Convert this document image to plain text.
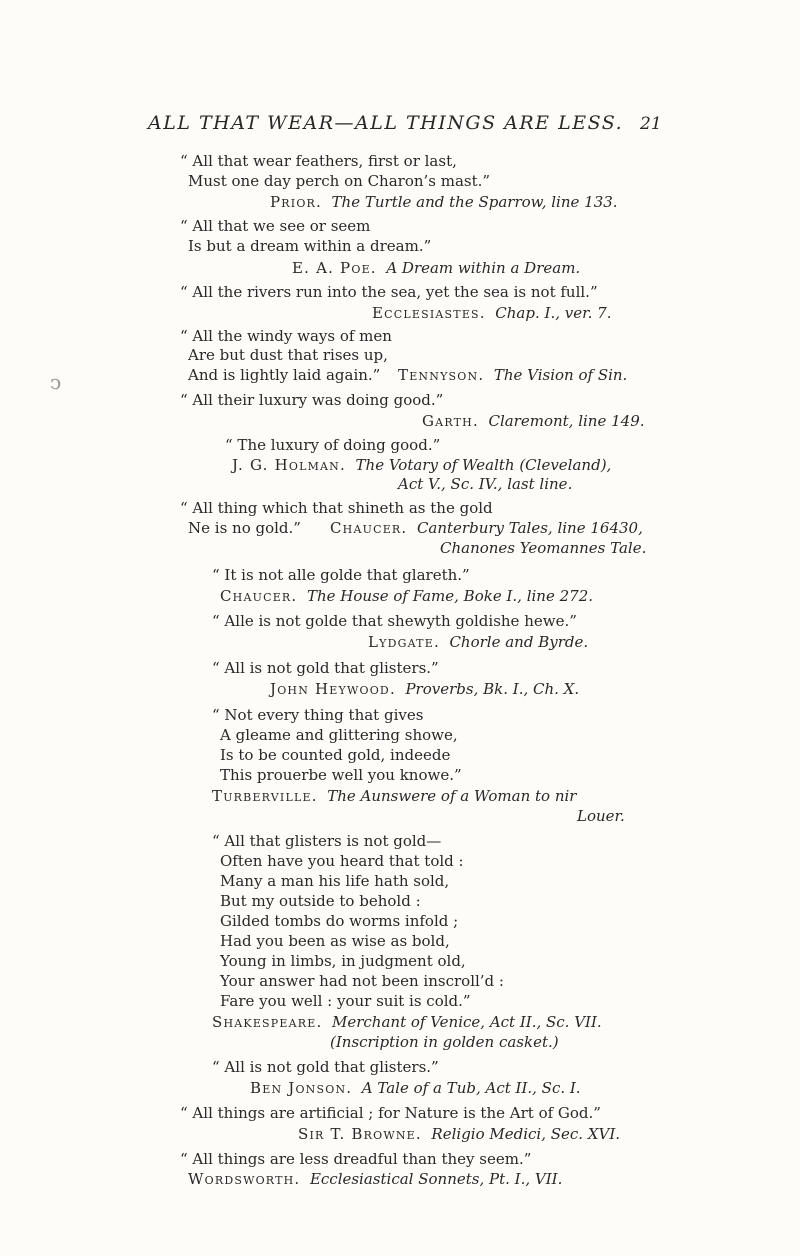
ALL THAT WEAR—ALL THINGS ARE LESS. 21
ↄ
“ All that wear feathers, first or last,
Must one day perch on Charon’s mast.”
Prior. The Turtle and the Sparrow, line 133.
“ All that we see or seem
Is but a dream within a dream.”
E. A. Poe. A Dream within a Dream.
“ All the rivers run into the sea, yet the sea is not full.”
Ecclesiastes. Chap. I., ver. 7.
“ All the windy ways of men
Are but dust that rises up,
And is lightly laid again.” Tennyson. The Vision of Sin.
“ All their luxury was doing good.”
Garth. Claremont, line 149.
“ The luxury of doing good.”
J. G. Holman. The Votary of Wealth (Cleveland),
Act V., Sc. IV., last line.
“ All thing which that shineth as the gold
Ne is no gold.” Chaucer. Canterbury Tales, line 16430,
Chanones Yeomannes Tale.
“ It is not alle golde that glareth.”
Chaucer. The House of Fame, Boke I., line 272.
“ Alle is not golde that shewyth goldishe hewe.”
Lydgate. Chorle and Byrde.
“ All is not gold that glisters.”
John Heywood. Proverbs, Bk. I., Ch. X.
“ Not every thing that gives
A gleame and glittering showe,
Is to be counted gold, indeede
This prouerbe well you knowe.”
Turberville. The Aunswere of a Woman to nir
Louer.
“ All that glisters is not gold—
Often have you heard that told :
Many a man his life hath sold,
But my outside to behold :
Gilded tombs do worms infold ;
Had you been as wise as bold,
Young in limbs, in judgment old,
Your answer had not been inscroll’d :
Fare you well : your suit is cold.”
Shakespeare. Merchant of Venice, Act II., Sc. VII.
(Inscription in golden casket.)
“ All is not gold that glisters.”
Ben Jonson. A Tale of a Tub, Act II., Sc. I.
“ All things are artificial ; for Nature is the Art of God.”
Sir T. Browne. Religio Medici, Sec. XVI.
“ All things are less dreadful than they seem.”
Wordsworth. Ecclesiastical Sonnets, Pt. I., VII.
